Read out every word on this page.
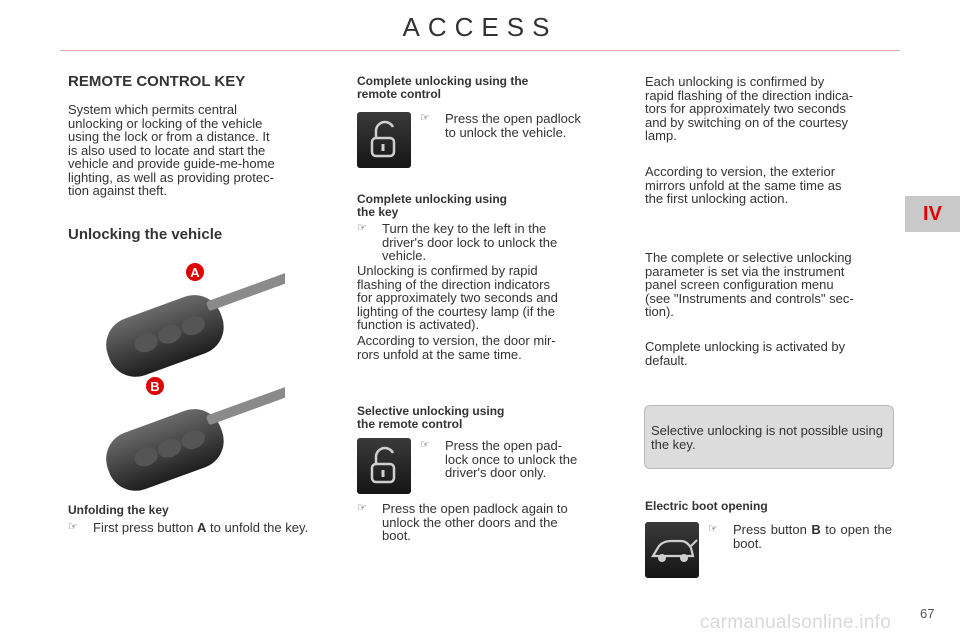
ACCESS
IV
REMOTE CONTROL KEY
System which permits central
unlocking or locking of the vehicle
using the lock or from a distance. It
is also used to locate and start the
vehicle and provide guide-me-home
lighting, as well as providing protec-
tion against theft.
Unlocking the vehicle
A
B
Unfolding the key
☞ First press button A to unfold the key.
Complete unlocking using the
remote control
☞ Press the open padlock
to unlock the vehicle.
Complete unlocking using
the key
☞ Turn the key to the left in the
driver's door lock to unlock the
vehicle.
Unlocking is confirmed by rapid
flashing of the direction indicators
for approximately two seconds and
lighting of the courtesy lamp (if the
function is activated).
According to version, the door mir-
rors unfold at the same time.
Selective unlocking using
the remote control
☞ Press the open pad-
lock once to unlock the
driver's door only.
☞ Press the open padlock again to
unlock the other doors and the
boot.
Each unlocking is confirmed by
rapid flashing of the direction indica-
tors for approximately two seconds
and by switching on of the courtesy
lamp.
According to version, the exterior
mirrors unfold at the same time as
the first unlocking action.
The complete or selective unlocking
parameter is set via the instrument
panel screen configuration menu
(see "Instruments and controls" sec-
tion).
Complete unlocking is activated by
default.
Selective unlocking is not possible using the key.
Electric boot opening
☞ Press button B to open the boot.
carmanualsonline.info 67
